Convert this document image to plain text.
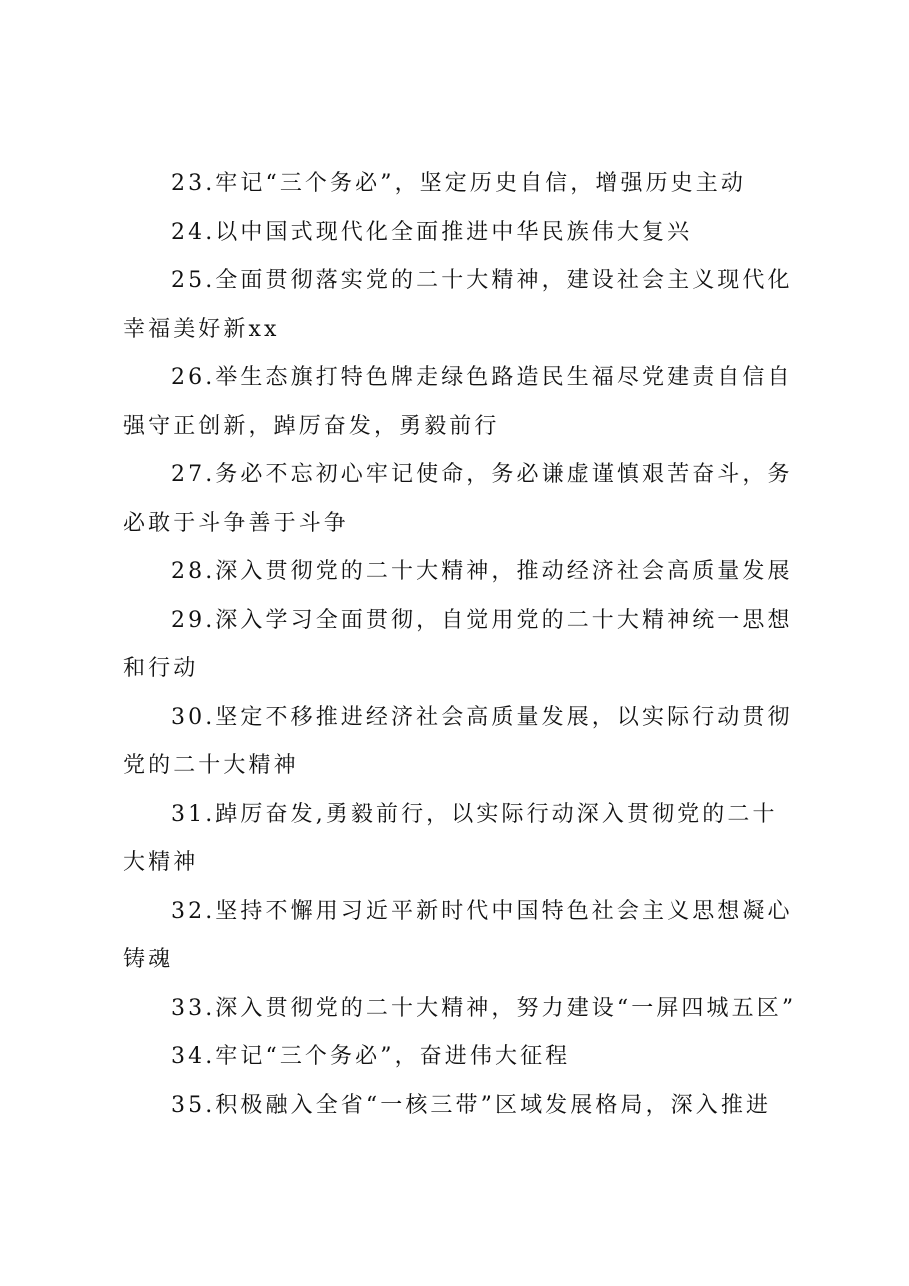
23.牢记“三个务必”，坚定历史自信，增强历史主动

24.以中国式现代化全面推进中华民族伟大复兴

25.全面贯彻落实党的二十大精神，建设社会主义现代化幸福美好新xx

26.举生态旗打特色牌走绿色路造民生福尽党建责自信自强守正创新，踔厉奋发，勇毅前行

27.务必不忘初心牢记使命，务必谦虚谨慎艰苦奋斗，务必敢于斗争善于斗争

28.深入贯彻党的二十大精神，推动经济社会高质量发展

29.深入学习全面贯彻，自觉用党的二十大精神统一思想和行动

30.坚定不移推进经济社会高质量发展，以实际行动贯彻党的二十大精神

31.踔厉奋发,勇毅前行，以实际行动深入贯彻党的二十大精神

32.坚持不懈用习近平新时代中国特色社会主义思想凝心铸魂

33.深入贯彻党的二十大精神，努力建设“一屏四城五区”

34.牢记“三个务必”，奋进伟大征程

35.积极融入全省“一核三带”区域发展格局，深入推进
